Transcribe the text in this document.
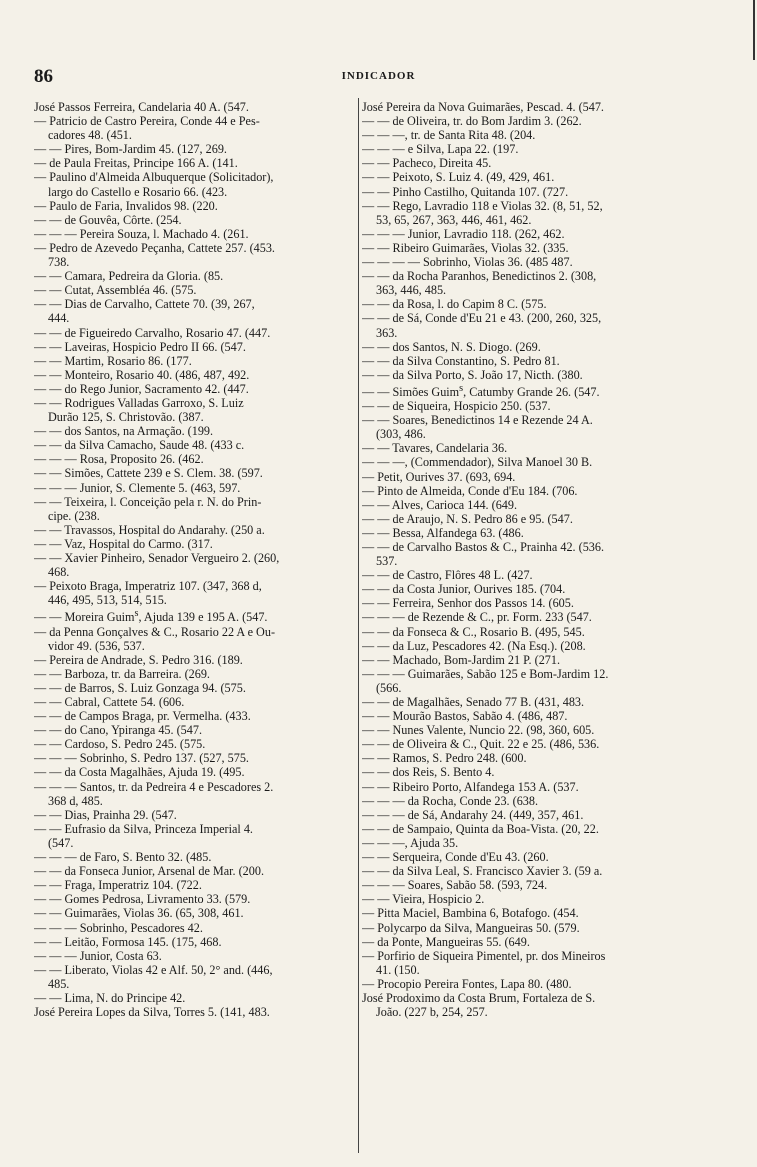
86	INDICADOR
José Passos Ferreira, Candelaria 40 A. (547.
— Patricio de Castro Pereira, Conde 44 e Pes-
cadores 48. (451.
— — Pires, Bom-Jardim 45. (127, 269.
— de Paula Freitas, Principe 166 A. (141.
— Paulino d'Almeida Albuquerque (Solicitador),
largo do Castello e Rosario 66. (423.
— Paulo de Faria, Invalidos 98. (220.
— — de Gouvêa, Côrte. (254.
— — — Pereira Souza, l. Machado 4. (261.
— Pedro de Azevedo Peçanha, Cattete 257. (453.
738.
— — Camara, Pedreira da Gloria. (85.
— — Cutat, Assembléa 46. (575.
— — Dias de Carvalho, Cattete 70. (39, 267,
444.
— — de Figueiredo Carvalho, Rosario 47. (447.
— — Laveiras, Hospicio Pedro II 66. (547.
— — Martim, Rosario 86. (177.
— — Monteiro, Rosario 40. (486, 487, 492.
— — do Rego Junior, Sacramento 42. (447.
— — Rodrigues Valladas Garroxo, S. Luiz
Durão 125, S. Christovão. (387.
— — dos Santos, na Armação. (199.
— — da Silva Camacho, Saude 48. (433 c.
— — — Rosa, Proposito 26. (462.
— — Simões, Cattete 239 e S. Clem. 38. (597.
— — — Junior, S. Clemente 5. (463, 597.
— — Teixeira, l. Conceição pela r. N. do Prin-
cipe. (238.
— — Travassos, Hospital do Andarahy. (250 a.
— — Vaz, Hospital do Carmo. (317.
— — Xavier Pinheiro, Senador Vergueiro 2. (260,
468.
— Peixoto Braga, Imperatriz 107. (347, 368 d,
446, 495, 513, 514, 515.
— — Moreira Guim$^s$, Ajuda 139 e 195 A. (547.
— da Penna Gonçalves & C., Rosario 22 A e Ou-
vidor 49. (536, 537.
— Pereira de Andrade, S. Pedro 316. (189.
— — Barboza, tr. da Barreira. (269.
— — de Barros, S. Luiz Gonzaga 94. (575.
— — Cabral, Cattete 54. (606.
— — de Campos Braga, pr. Vermelha. (433.
— — do Cano, Ypiranga 45. (547.
— — Cardoso, S. Pedro 245. (575.
— — — Sobrinho, S. Pedro 137. (527, 575.
— — da Costa Magalhães, Ajuda 19. (495.
— — — Santos, tr. da Pedreira 4 e Pescadores 2.
368 d, 485.
— — Dias, Prainha 29. (547.
— — Eufrasio da Silva, Princeza Imperial 4.
(547.
— — — de Faro, S. Bento 32. (485.
— — da Fonseca Junior, Arsenal de Mar. (200.
— — Fraga, Imperatriz 104. (722.
— — Gomes Pedrosa, Livramento 33. (579.
— — Guimarães, Violas 36. (65, 308, 461.
— — — Sobrinho, Pescadores 42.
— — Leitão, Formosa 145. (175, 468.
— — — Junior, Costa 63.
— — Liberato, Violas 42 e Alf. 50, 2° and. (446,
485.
— — Lima, N. do Principe 42.
José Pereira Lopes da Silva, Torres 5. (141, 483.
José Pereira da Nova Guimarães, Pescad. 4. (547.
— — de Oliveira, tr. do Bom Jardim 3. (262.
— — —, tr. de Santa Rita 48. (204.
— — — e Silva, Lapa 22. (197.
— — Pacheco, Direita 45.
— — Peixoto, S. Luiz 4. (49, 429, 461.
— — Pinho Castilho, Quitanda 107. (727.
— — Rego, Lavradio 118 e Violas 32. (8, 51, 52,
53, 65, 267, 363, 446, 461, 462.
— — — Junior, Lavradio 118. (262, 462.
— — Ribeiro Guimarães, Violas 32. (335.
— — — — Sobrinho, Violas 36. (485 487.
— — da Rocha Paranhos, Benedictinos 2. (308,
363, 446, 485.
— — da Rosa, l. do Capim 8 C. (575.
— — de Sá, Conde d'Eu 21 e 43. (200, 260, 325,
363.
— — dos Santos, N. S. Diogo. (269.
— — da Silva Constantino, S. Pedro 81.
— — da Silva Porto, S. João 17, Nicth. (380.
— — Simões Guim$^s$, Catumby Grande 26. (547.
— — de Siqueira, Hospicio 250. (537.
— — Soares, Benedictinos 14 e Rezende 24 A.
(303, 486.
— — Tavares, Candelaria 36.
— — —, (Commendador), Silva Manoel 30 B.
— Petit, Ourives 37. (693, 694.
— Pinto de Almeida, Conde d'Eu 184. (706.
— — Alves, Carioca 144. (649.
— — de Araujo, N. S. Pedro 86 e 95. (547.
— — Bessa, Alfandega 63. (486.
— — de Carvalho Bastos & C., Prainha 42. (536.
537.
— — de Castro, Flôres 48 L. (427.
— — da Costa Junior, Ourives 185. (704.
— — Ferreira, Senhor dos Passos 14. (605.
— — — de Rezende & C., pr. Form. 233 (547.
— — da Fonseca & C., Rosario B. (495, 545.
— — da Luz, Pescadores 42. (Na Esq.). (208.
— — Machado, Bom-Jardim 21 P. (271.
— — — Guimarães, Sabão 125 e Bom-Jardim 12.
(566.
— — de Magalhães, Senado 77 B. (431, 483.
— — Mourão Bastos, Sabão 4. (486, 487.
— — Nunes Valente, Nuncio 22. (98, 360, 605.
— — de Oliveira & C., Quit. 22 e 25. (486, 536.
— — Ramos, S. Pedro 248. (600.
— — dos Reis, S. Bento 4.
— — Ribeiro Porto, Alfandega 153 A. (537.
— — — da Rocha, Conde 23. (638.
— — — de Sá, Andarahy 24. (449, 357, 461.
— — de Sampaio, Quinta da Boa-Vista. (20, 22.
— — —, Ajuda 35.
— — Serqueira, Conde d'Eu 43. (260.
— — da Silva Leal, S. Francisco Xavier 3. (59 a.
— — — Soares, Sabão 58. (593, 724.
— — Vieira, Hospicio 2.
— Pitta Maciel, Bambina 6, Botafogo. (454.
— Polycarpo da Silva, Mangueiras 50. (579.
— da Ponte, Mangueiras 55. (649.
— Porfirio de Siqueira Pimentel, pr. dos Mineiros
41. (150.
— Procopio Pereira Fontes, Lapa 80. (480.
José Prodoximo da Costa Brum, Fortaleza de S.
João. (227 b, 254, 257.
